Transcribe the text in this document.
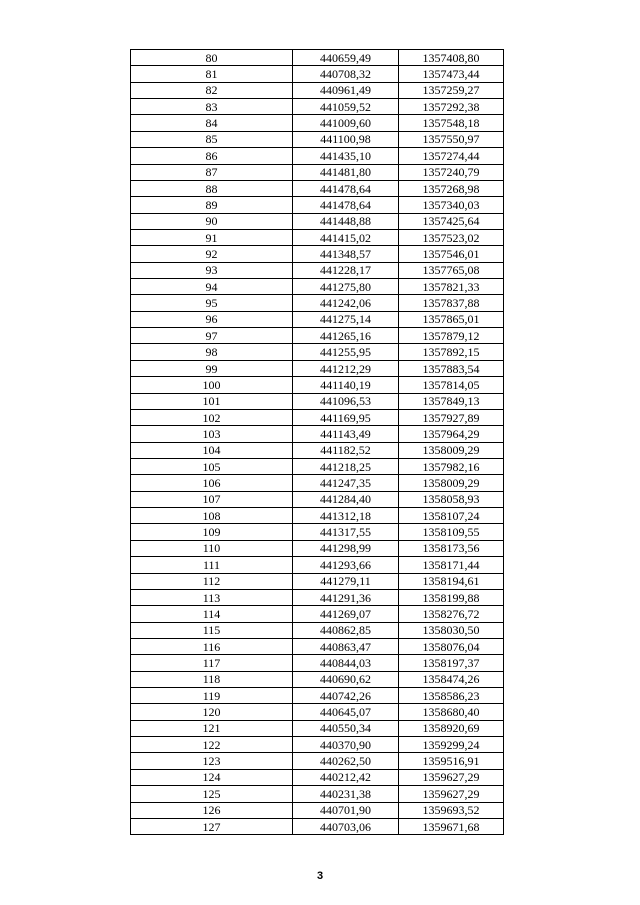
80	440659,49	1357408,80
81	440708,32	1357473,44
82	440961,49	1357259,27
83	441059,52	1357292,38
84	441009,60	1357548,18
85	441100,98	1357550,97
86	441435,10	1357274,44
87	441481,80	1357240,79
88	441478,64	1357268,98
89	441478,64	1357340,03
90	441448,88	1357425,64
91	441415,02	1357523,02
92	441348,57	1357546,01
93	441228,17	1357765,08
94	441275,80	1357821,33
95	441242,06	1357837,88
96	441275,14	1357865,01
97	441265,16	1357879,12
98	441255,95	1357892,15
99	441212,29	1357883,54
100	441140,19	1357814,05
101	441096,53	1357849,13
102	441169,95	1357927,89
103	441143,49	1357964,29
104	441182,52	1358009,29
105	441218,25	1357982,16
106	441247,35	1358009,29
107	441284,40	1358058,93
108	441312,18	1358107,24
109	441317,55	1358109,55
110	441298,99	1358173,56
111	441293,66	1358171,44
112	441279,11	1358194,61
113	441291,36	1358199,88
114	441269,07	1358276,72
115	440862,85	1358030,50
116	440863,47	1358076,04
117	440844,03	1358197,37
118	440690,62	1358474,26
119	440742,26	1358586,23
120	440645,07	1358680,40
121	440550,34	1358920,69
122	440370,90	1359299,24
123	440262,50	1359516,91
124	440212,42	1359627,29
125	440231,38	1359627,29
126	440701,90	1359693,52
127	440703,06	1359671,68
3
